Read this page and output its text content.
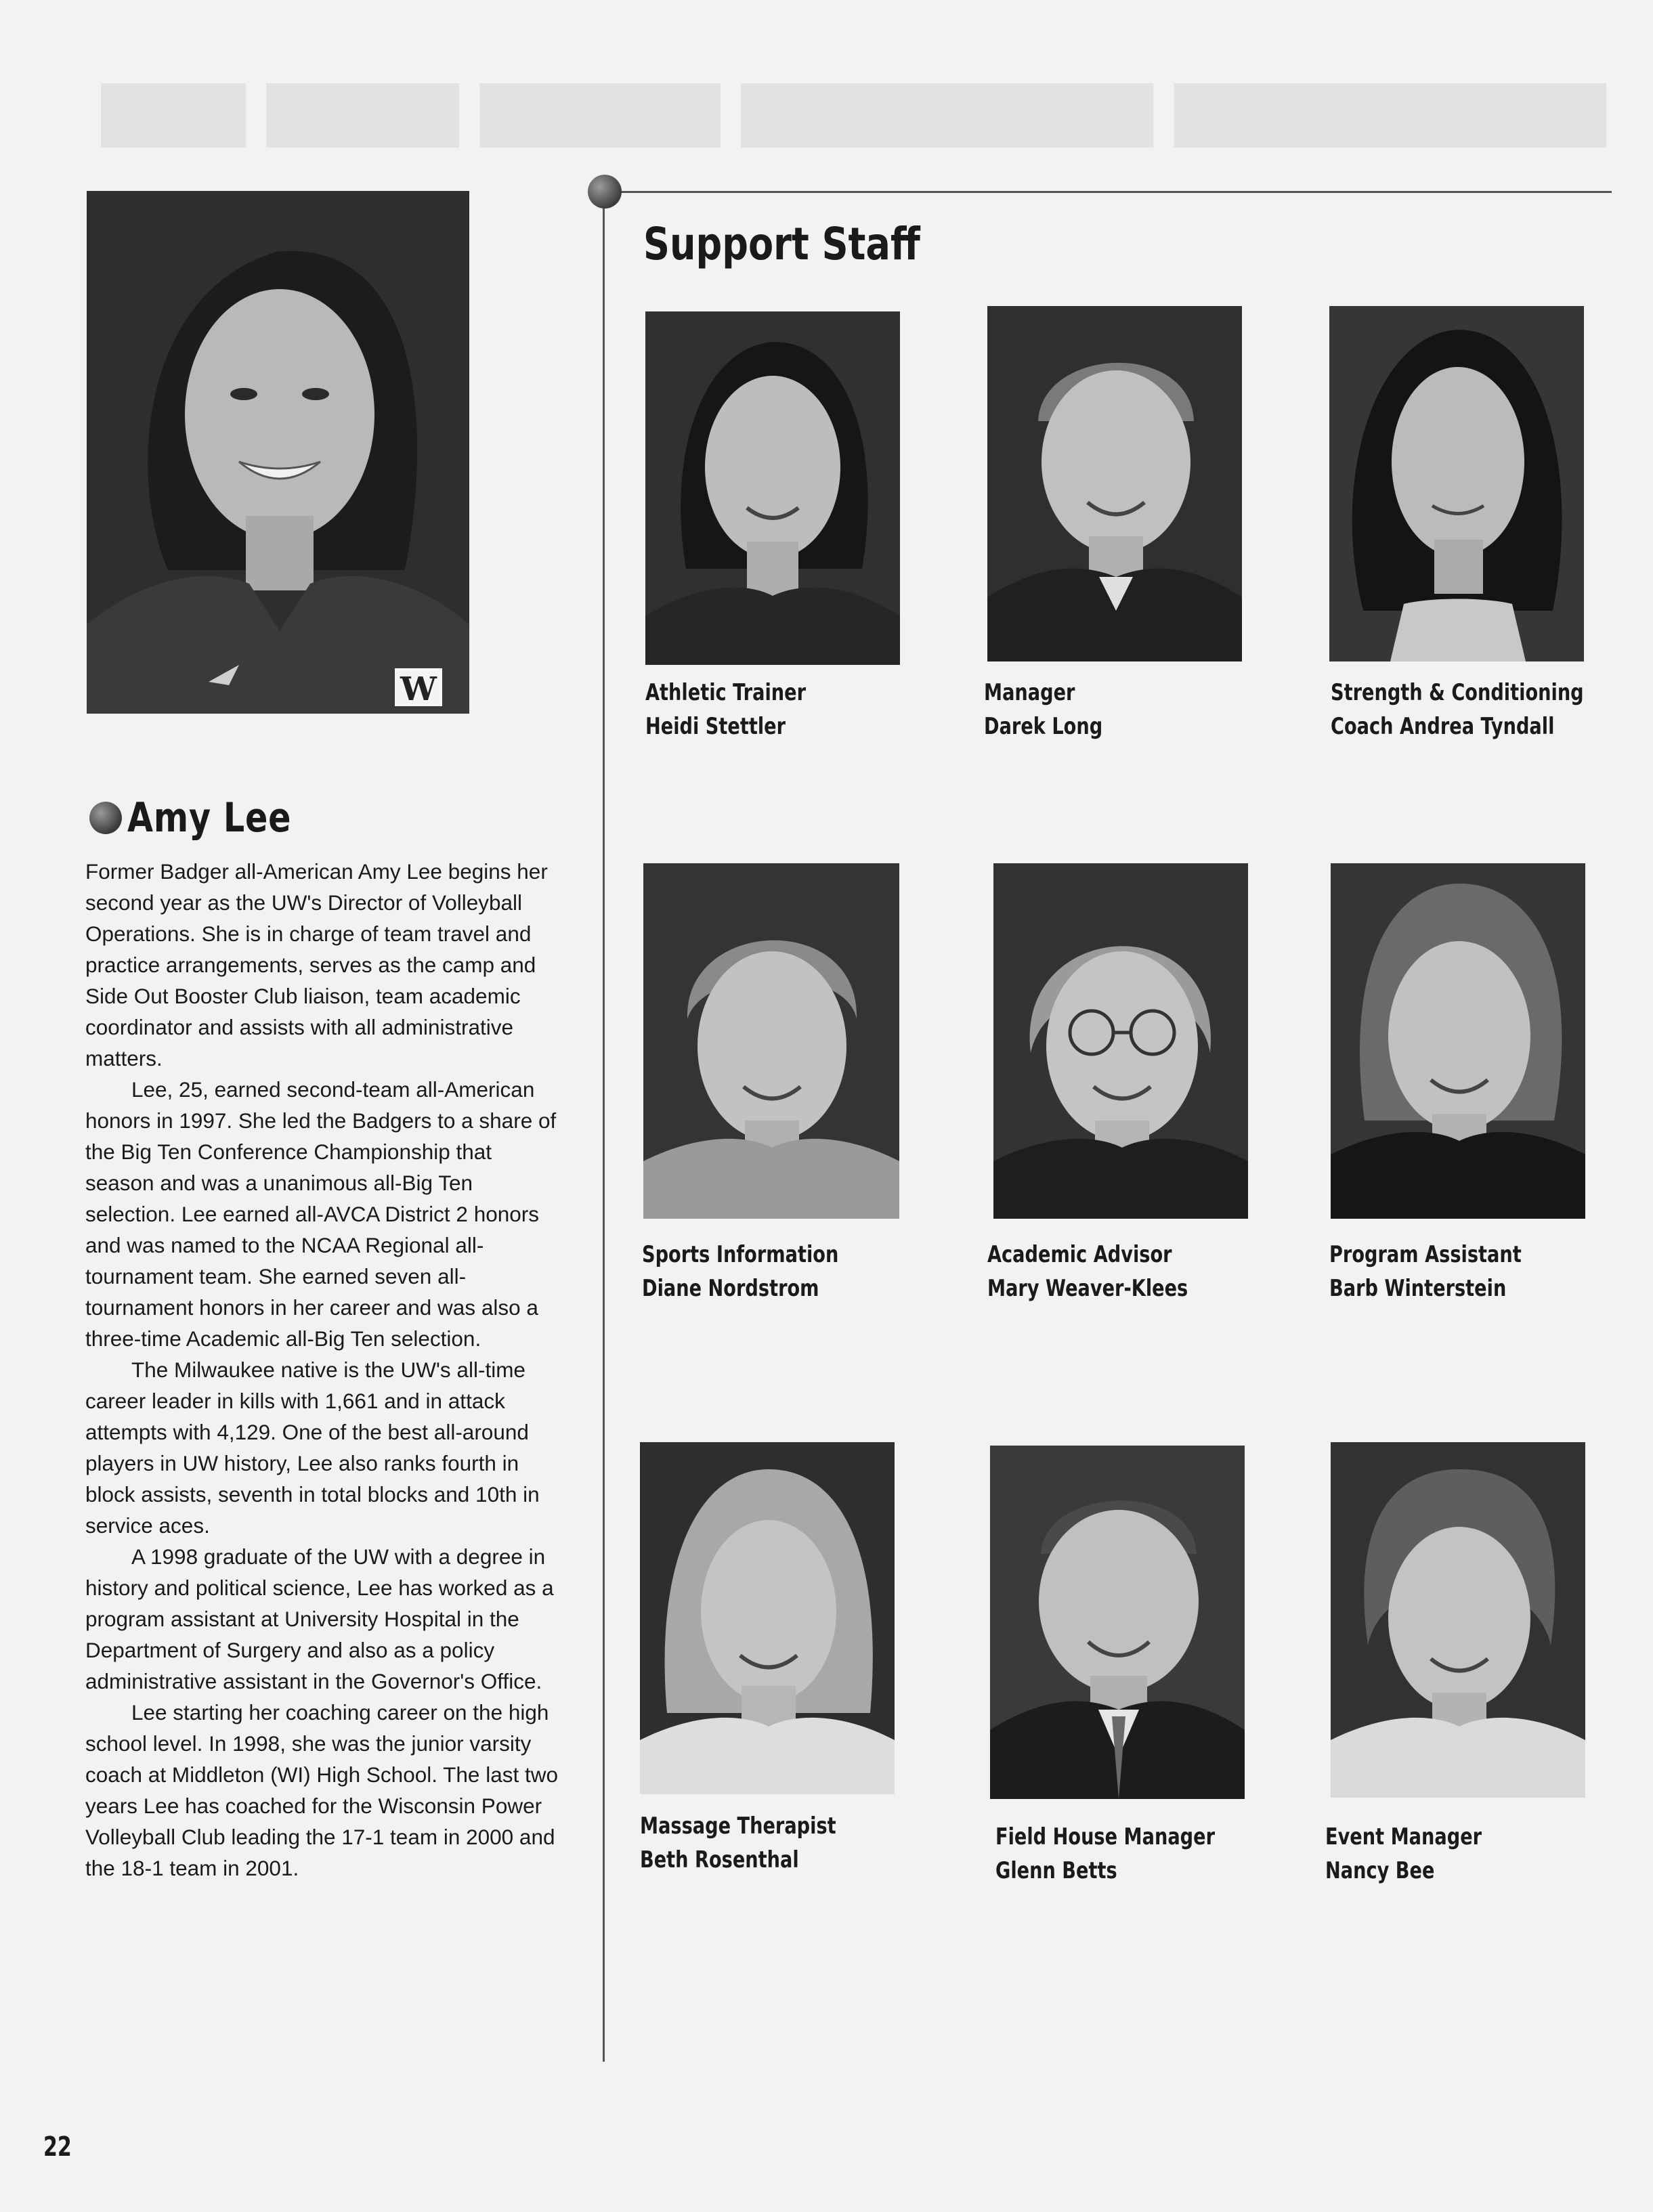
▇▇▇ ▇▇▇▇ ▇▇▇▇▇ ▇▇▇▇▇
▇▇▇▇▇▇▇▇▇ ▇▇▇▇▇▇▇
W
Amy Lee

Former Badger all-American Amy Lee begins her second year as the UW's Director of Volleyball Operations. She is in charge of team travel and practice arrangements, serves as the camp and Side Out Booster Club liaison, team academic coordinator and assists with all administrative matters.

Lee, 25, earned second-team all-American honors in 1997. She led the Badgers to a share of the Big Ten Conference Championship that season and was a unanimous all-Big Ten selection. Lee earned all-AVCA District 2 honors and was named to the NCAA Regional all-tournament team. She earned seven all-tournament honors in her career and was also a three-time Academic all-Big Ten selection.

The Milwaukee native is the UW's all-time career leader in kills with 1,661 and in attack attempts with 4,129. One of the best all-around players in UW history, Lee also ranks fourth in block assists, seventh in total blocks and 10th in service aces.

A 1998 graduate of the UW with a degree in history and political science, Lee has worked as a program assistant at University Hospital in the Department of Surgery and also as a policy administrative assistant in the Governor's Office.

Lee starting her coaching career on the high school level. In 1998, she was the junior varsity coach at Middleton (WI) High School. The last two years Lee has coached for the Wisconsin Power Volleyball Club leading the 17-1 team in 2000 and the 18-1 team in 2001.

Support Staff
Athletic Trainer
Heidi Stettler
Manager
Darek Long
Strength & Conditioning
Coach Andrea Tyndall
Sports Information
Diane Nordstrom
Academic Advisor
Mary Weaver-Klees
Program Assistant
Barb Winterstein
Massage Therapist
Beth Rosenthal
Field House Manager
Glenn Betts
Event Manager
Nancy Bee
22
